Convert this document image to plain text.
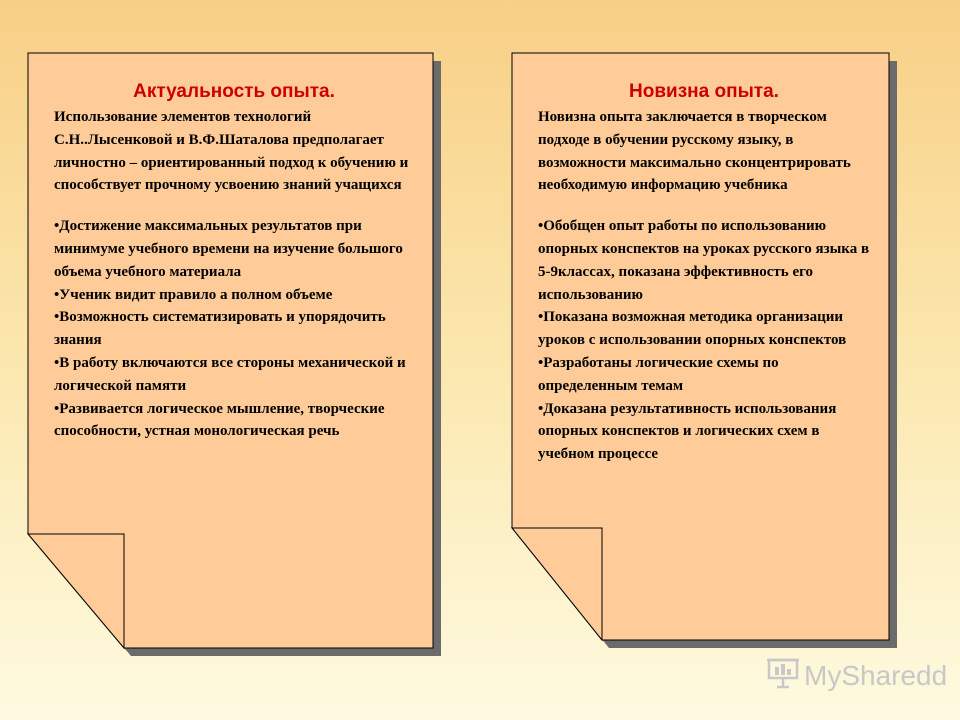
Актуальность опыта.

Использование элементов технологий С.Н..Лысенковой и В.Ф.Шаталова предполагает личностно – ориентированный подход к обучению и способствует прочному усвоению знаний учащихся

•Достижение максимальных результатов при минимуме учебного времени на изучение большого объема учебного материала
•Ученик видит правило а полном объеме
•Возможность систематизировать и упорядочить знания
•В работу включаются все стороны механической и логической памяти
•Развивается логическое мышление, творческие способности, устная монологическая речь
Новизна опыта.

Новизна опыта заключается в творческом подходе в обучении русскому языку, в возможности максимально сконцентрировать необходимую информацию учебника

•Обобщен опыт работы по использованию опорных конспектов на уроках русского языка в 5-9классах, показана эффективность его использованию
•Показана возможная методика организации уроков с использовании опорных конспектов
•Разработаны логические схемы по определенным темам
•Доказана результативность использования опорных конспектов и логических схем в учебном процессе
MySharedd
